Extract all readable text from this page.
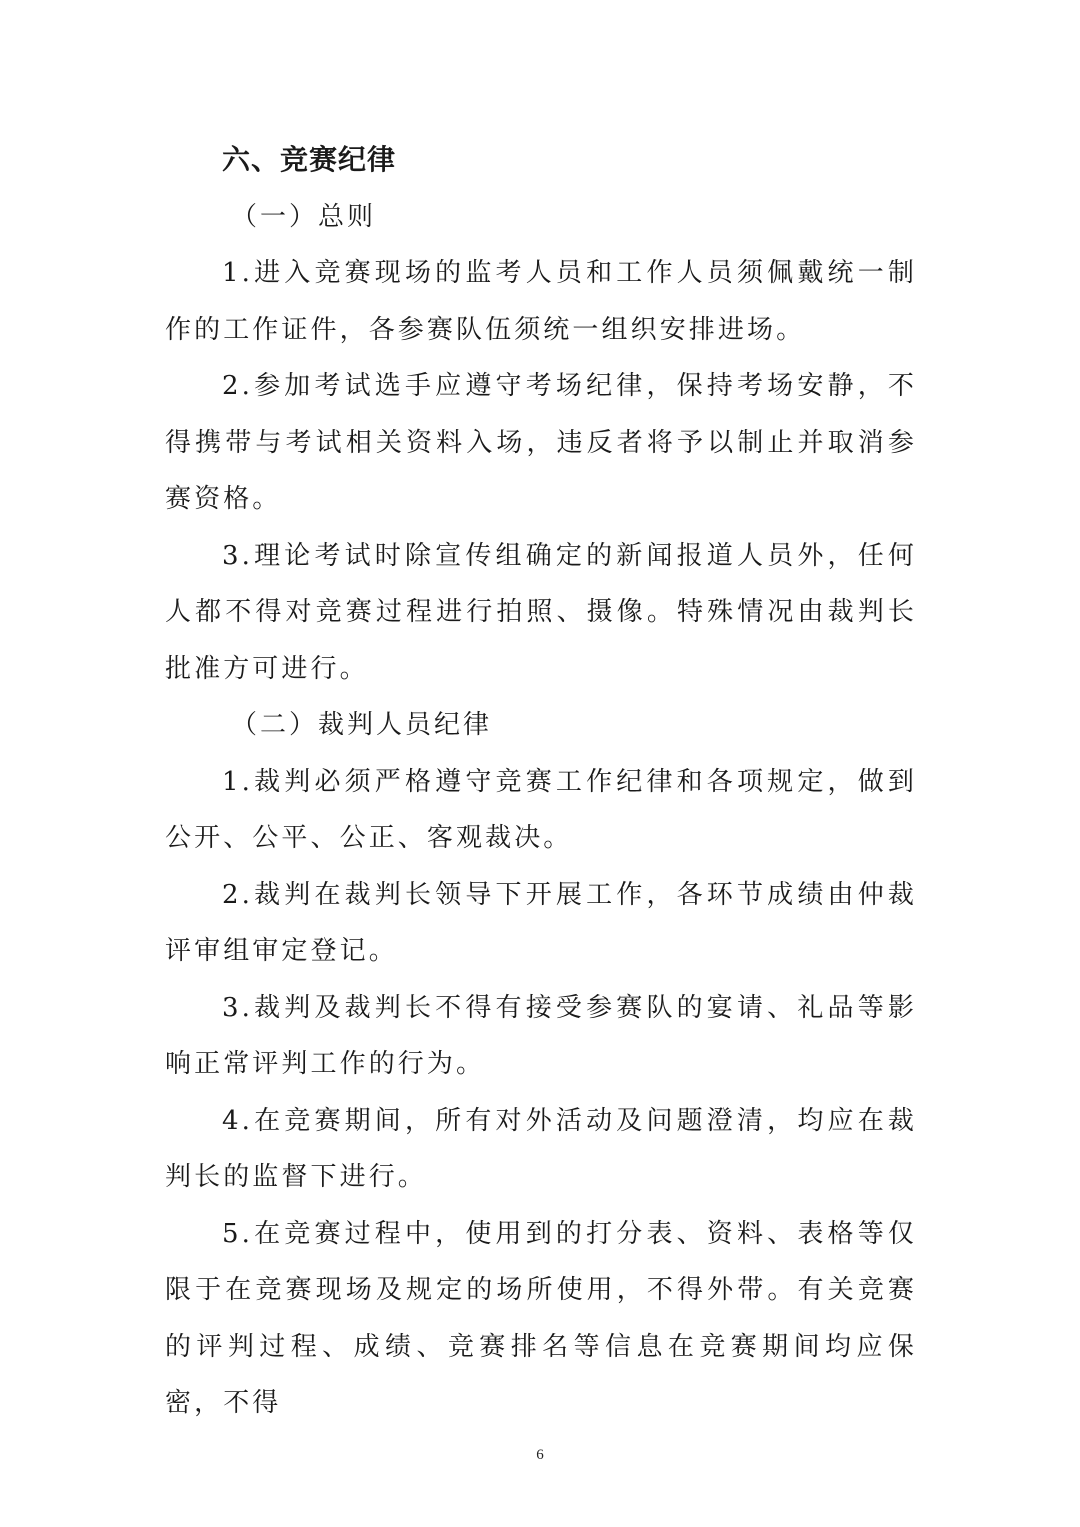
六、竞赛纪律

（一）总则

1.进入竞赛现场的监考人员和工作人员须佩戴统一制作的工作证件，各参赛队伍须统一组织安排进场。

2.参加考试选手应遵守考场纪律，保持考场安静，不得携带与考试相关资料入场，违反者将予以制止并取消参赛资格。

3.理论考试时除宣传组确定的新闻报道人员外，任何人都不得对竞赛过程进行拍照、摄像。特殊情况由裁判长批准方可进行。

（二）裁判人员纪律

1.裁判必须严格遵守竞赛工作纪律和各项规定，做到公开、公平、公正、客观裁决。

2.裁判在裁判长领导下开展工作，各环节成绩由仲裁评审组审定登记。

3.裁判及裁判长不得有接受参赛队的宴请、礼品等影响正常评判工作的行为。

4.在竞赛期间，所有对外活动及问题澄清，均应在裁判长的监督下进行。

5.在竞赛过程中，使用到的打分表、资料、表格等仅限于在竞赛现场及规定的场所使用，不得外带。有关竞赛的评判过程、成绩、竞赛排名等信息在竞赛期间均应保密，不得

6
